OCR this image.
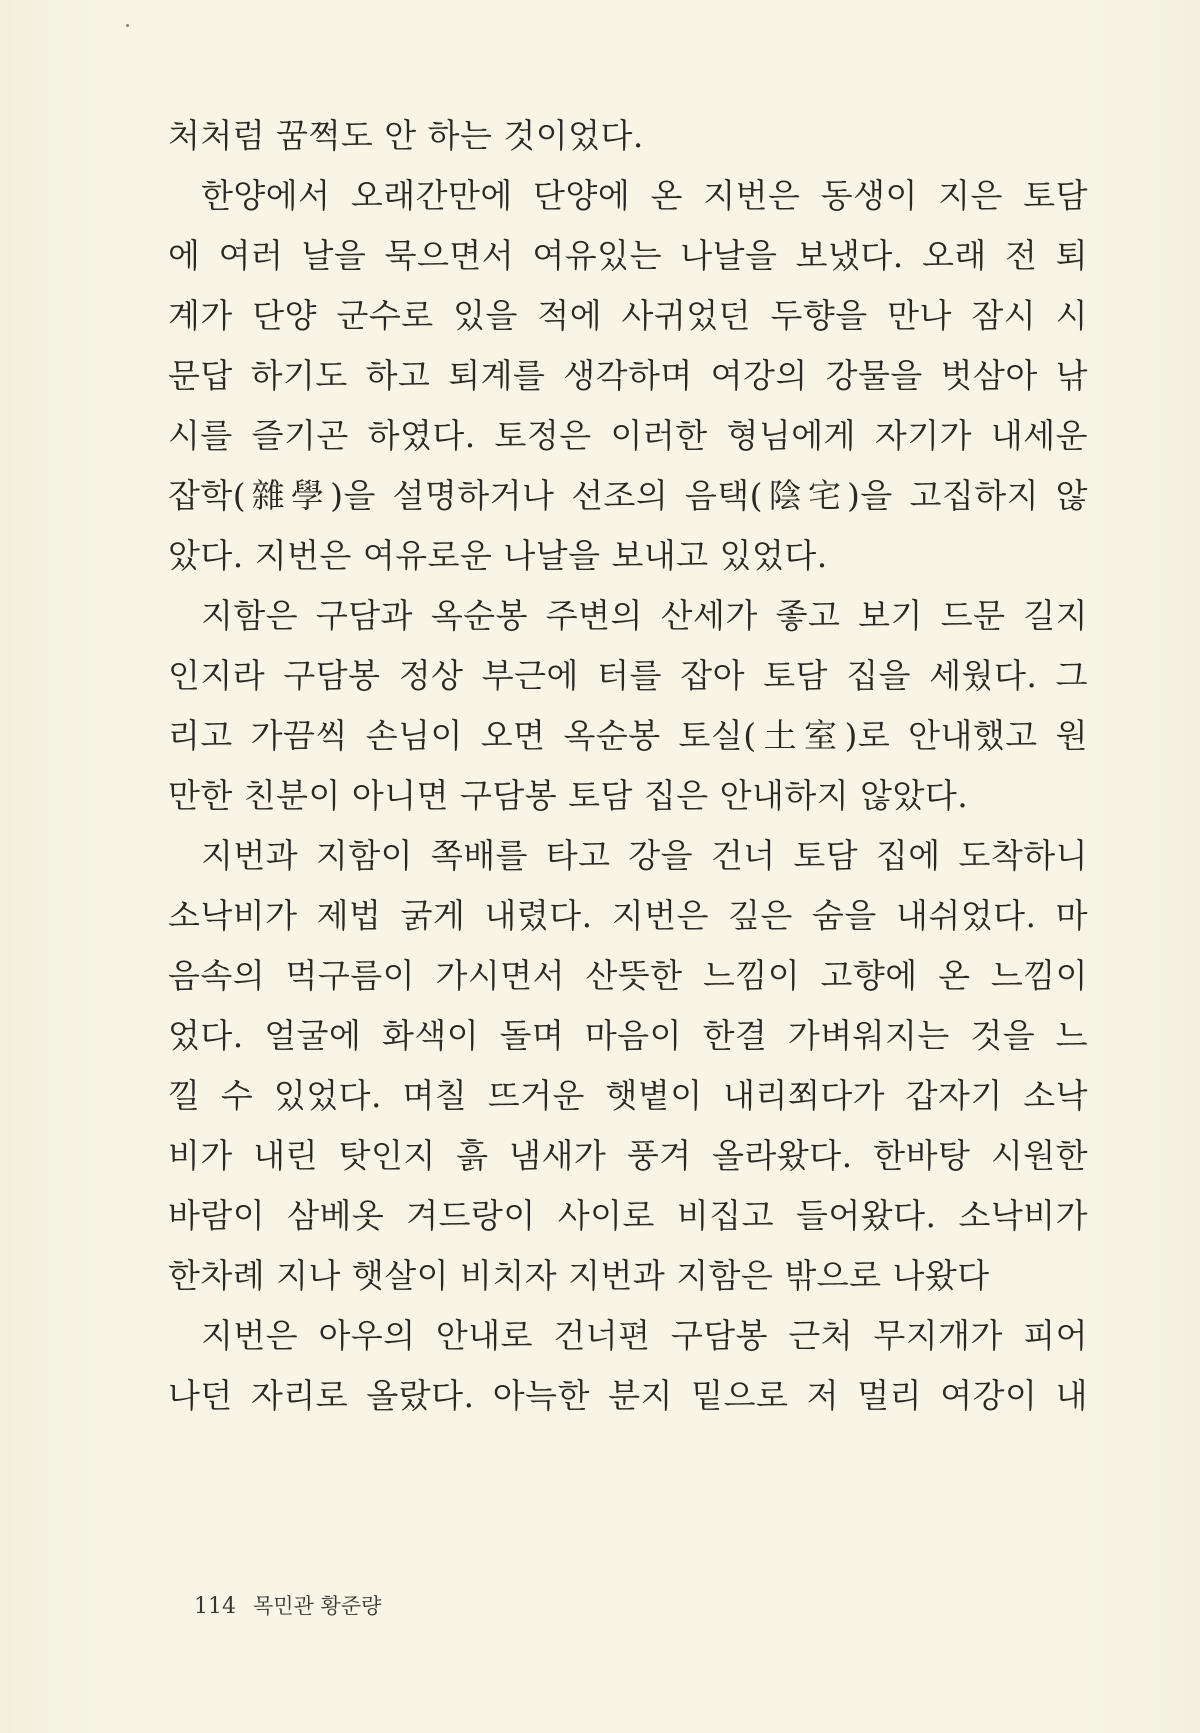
처처럼 꿈쩍도 안 하는 것이었다.
한양에서 오래간만에 단양에 온 지번은 동생이 지은 토담
에 여러 날을 묵으면서 여유있는 나날을 보냈다. 오래 전 퇴
계가 단양 군수로 있을 적에 사귀었던 두향을 만나 잠시 시
문답 하기도 하고 퇴계를 생각하며 여강의 강물을 벗삼아 낚
시를 즐기곤 하였다. 토정은 이러한 형님에게 자기가 내세운
잡학(雜學)을 설명하거나 선조의 음택(陰宅)을 고집하지 않
았다. 지번은 여유로운 나날을 보내고 있었다.
지함은 구담과 옥순봉 주변의 산세가 좋고 보기 드문 길지
인지라 구담봉 정상 부근에 터를 잡아 토담 집을 세웠다. 그
리고 가끔씩 손님이 오면 옥순봉 토실(土室)로 안내했고 원
만한 친분이 아니면 구담봉 토담 집은 안내하지 않았다.
지번과 지함이 쪽배를 타고 강을 건너 토담 집에 도착하니
소낙비가 제법 굵게 내렸다. 지번은 깊은 숨을 내쉬었다. 마
음속의 먹구름이 가시면서 산뜻한 느낌이 고향에 온 느낌이
었다. 얼굴에 화색이 돌며 마음이 한결 가벼워지는 것을 느
낄 수 있었다. 며칠 뜨거운 햇볕이 내리쬐다가 갑자기 소낙
비가 내린 탓인지 흙 냄새가 풍겨 올라왔다. 한바탕 시원한
바람이 삼베옷 겨드랑이 사이로 비집고 들어왔다. 소낙비가
한차례 지나 햇살이 비치자 지번과 지함은 밖으로 나왔다
지번은 아우의 안내로 건너편 구담봉 근처 무지개가 피어
나던 자리로 올랐다. 아늑한 분지 밑으로 저 멀리 여강이 내
114 목민관 황준량
